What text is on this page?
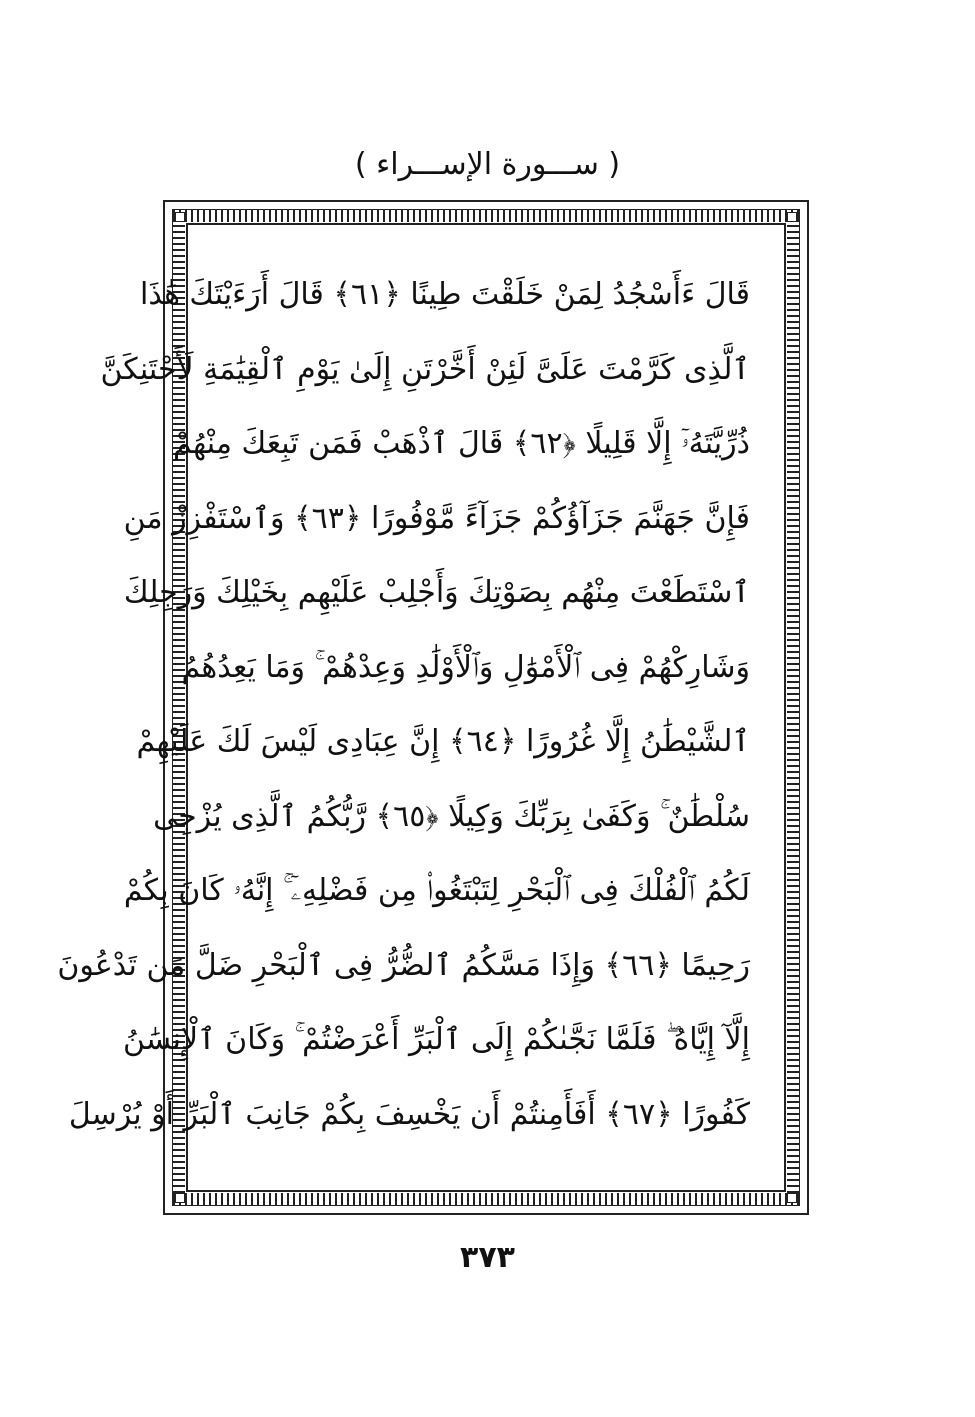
( ســـورة الإســـراء )
قَالَ ءَأَسْجُدُ لِمَنْ خَلَقْتَ طِينًا ﴿٦١﴾ قَالَ أَرَءَيْتَكَ هَٰذَا
ٱلَّذِى كَرَّمْتَ عَلَىَّ لَئِنْ أَخَّرْتَنِ إِلَىٰ يَوْمِ ٱلْقِيَٰمَةِ لَأَحْتَنِكَنَّ
ذُرِّيَّتَهُۥٓ إِلَّا قَلِيلًا ﴿٦٢﴾ قَالَ ٱذْهَبْ فَمَن تَبِعَكَ مِنْهُمْ
فَإِنَّ جَهَنَّمَ جَزَآؤُكُمْ جَزَآءً مَّوْفُورًا ﴿٦٣﴾ وَٱسْتَفْزِزْ مَنِ
ٱسْتَطَعْتَ مِنْهُم بِصَوْتِكَ وَأَجْلِبْ عَلَيْهِم بِخَيْلِكَ وَرَجِلِكَ
وَشَارِكْهُمْ فِى ٱلْأَمْوَٰلِ وَٱلْأَوْلَٰدِ وَعِدْهُمْ ۚ وَمَا يَعِدُهُمُ
ٱلشَّيْطَٰنُ إِلَّا غُرُورًا ﴿٦٤﴾ إِنَّ عِبَادِى لَيْسَ لَكَ عَلَيْهِمْ
سُلْطَٰنٌ ۚ وَكَفَىٰ بِرَبِّكَ وَكِيلًا ﴿٦٥﴾ رَّبُّكُمُ ٱلَّذِى يُزْجِى
لَكُمُ ٱلْفُلْكَ فِى ٱلْبَحْرِ لِتَبْتَغُوا۟ مِن فَضْلِهِۦٓ ۚ إِنَّهُۥ كَانَ بِكُمْ
رَحِيمًا ﴿٦٦﴾ وَإِذَا مَسَّكُمُ ٱلضُّرُّ فِى ٱلْبَحْرِ ضَلَّ مَن تَدْعُونَ
إِلَّآ إِيَّاهُ ۖ فَلَمَّا نَجَّىٰكُمْ إِلَى ٱلْبَرِّ أَعْرَضْتُمْ ۚ وَكَانَ ٱلْإِنسَٰنُ
كَفُورًا ﴿٦٧﴾ أَفَأَمِنتُمْ أَن يَخْسِفَ بِكُمْ جَانِبَ ٱلْبَرِّ أَوْ يُرْسِلَ
٣٧٣
